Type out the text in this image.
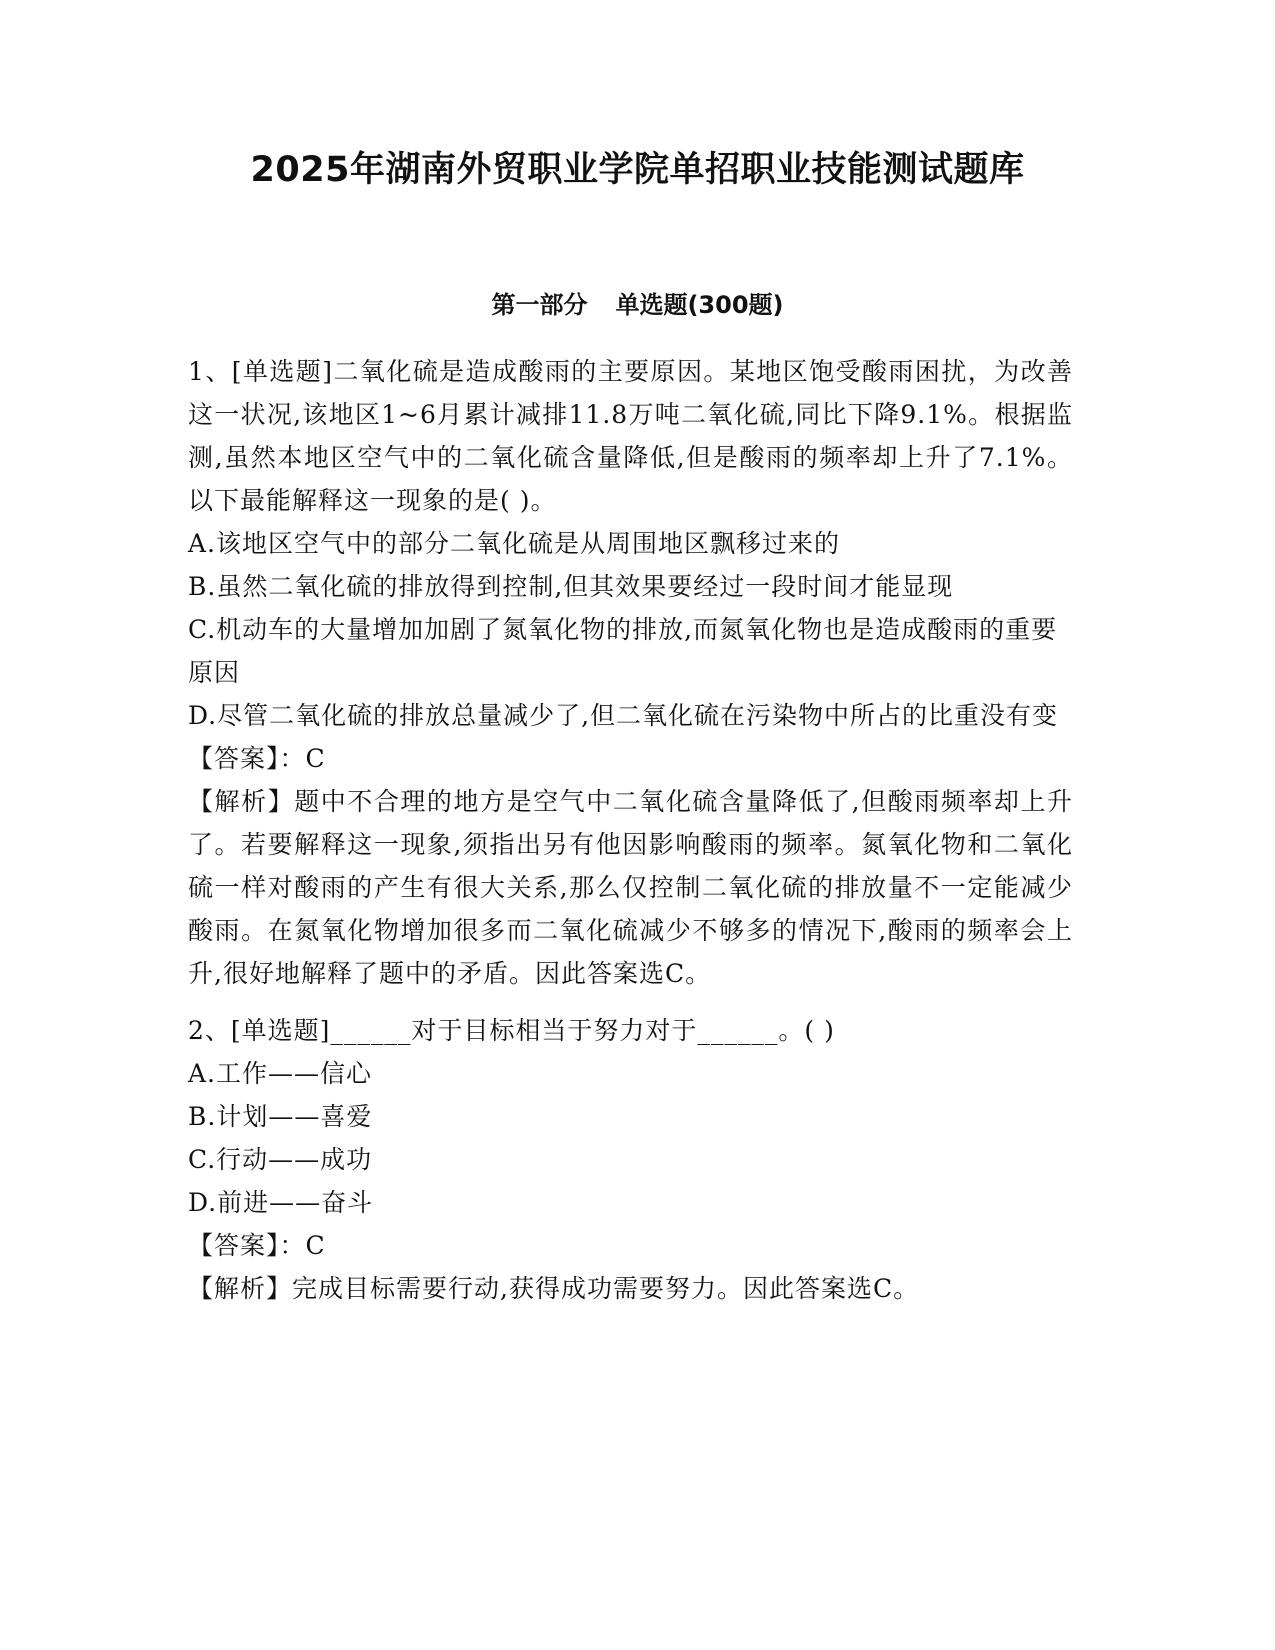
2025年湖南外贸职业学院单招职业技能测试题库
第一部分 单选题(300题)

1、[单选题]二氧化硫是造成酸雨的主要原因。某地区饱受酸雨困扰，为改善这一状况,该地区1~6月累计减排11.8万吨二氧化硫,同比下降9.1%。根据监测,虽然本地区空气中的二氧化硫含量降低,但是酸雨的频率却上升了7.1%。以下最能解释这一现象的是( )。

A.该地区空气中的部分二氧化硫是从周围地区飘移过来的

B.虽然二氧化硫的排放得到控制,但其效果要经过一段时间才能显现

C.机动车的大量增加加剧了氮氧化物的排放,而氮氧化物也是造成酸雨的重要原因

D.尽管二氧化硫的排放总量减少了,但二氧化硫在污染物中所占的比重没有变

【答案】：C

【解析】题中不合理的地方是空气中二氧化硫含量降低了,但酸雨频率却上升了。若要解释这一现象,须指出另有他因影响酸雨的频率。氮氧化物和二氧化硫一样对酸雨的产生有很大关系,那么仅控制二氧化硫的排放量不一定能减少酸雨。在氮氧化物增加很多而二氧化硫减少不够多的情况下,酸雨的频率会上升,很好地解释了题中的矛盾。因此答案选C。

2、[单选题]______对于目标相当于努力对于______。( )

A.工作——信心

B.计划——喜爱

C.行动——成功

D.前进——奋斗

【答案】：C

【解析】完成目标需要行动,获得成功需要努力。因此答案选C。
